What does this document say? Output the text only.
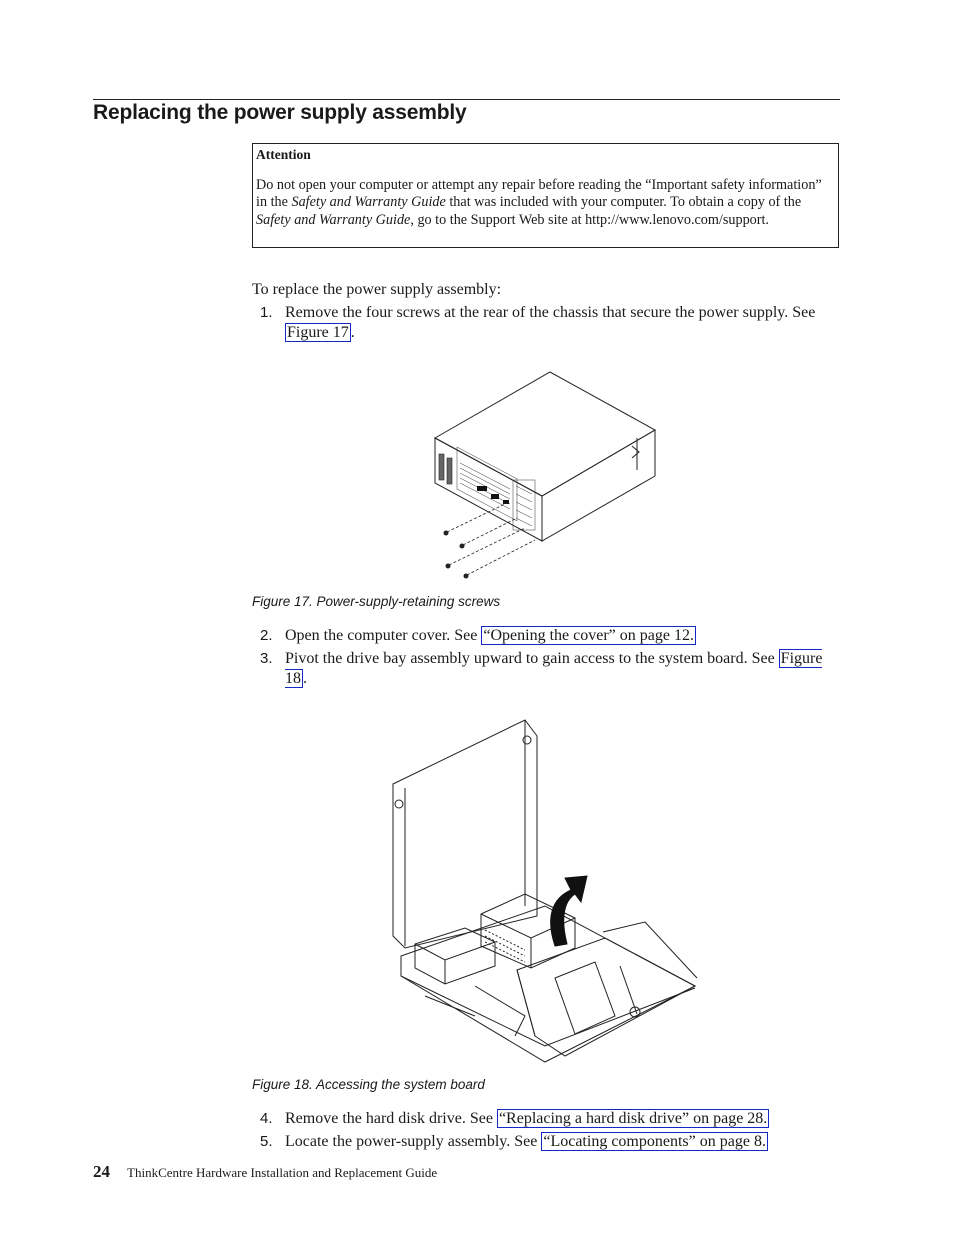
Replacing the power supply assembly
Attention
Do not open your computer or attempt any repair before reading the “Important safety information” in the Safety and Warranty Guide that was included with your computer. To obtain a copy of the Safety and Warranty Guide, go to the Support Web site at http://www.lenovo.com/support.
To replace the power supply assembly:
1. Remove the four screws at the rear of the chassis that secure the power supply. See Figure 17 .
Figure 17. Power-supply-retaining screws
2. Open the computer cover. See “Opening the cover” on page 12.
3. Pivot the drive bay assembly upward to gain access to the system board. See Figure 18 .
Figure 18. Accessing the system board
4. Remove the hard disk drive. See “Replacing a hard disk drive” on page 28.
5. Locate the power-supply assembly. See “Locating components” on page 8.
24 ThinkCentre Hardware Installation and Replacement Guide
